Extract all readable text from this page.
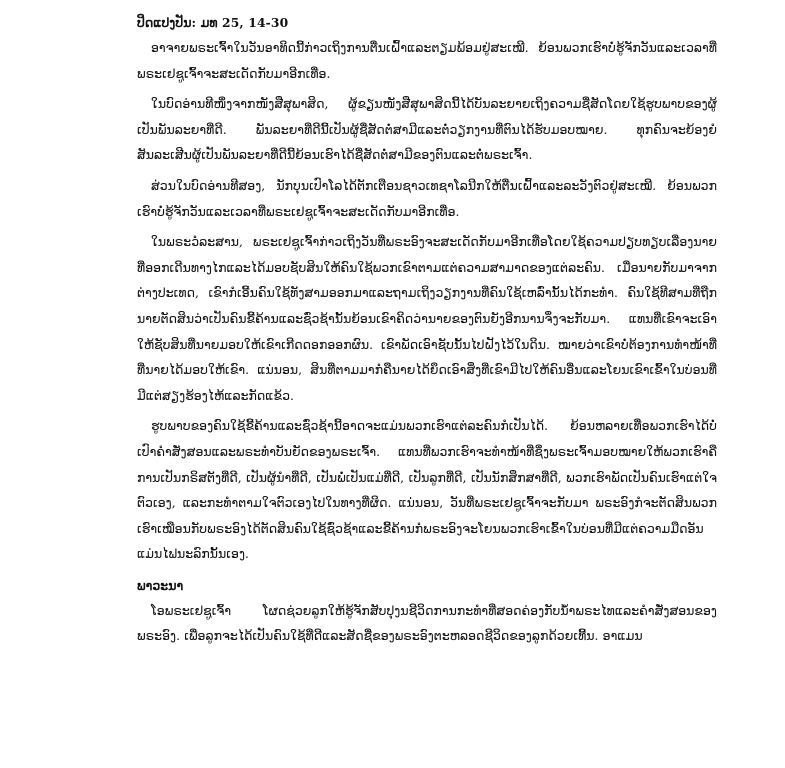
ປິດແປງປັນ: ມທ 25, 14-30

ອາຈາຍພຣະເຈົ້າໃນວັນອາທິດນີ້ກ່າວເຖິງການຕື່ນເຝົ້າແລະຕຽມພ້ອມຢູ່ສະເໝີ. ຍ້ອນພວກເຮົາບໍ່ຮູ້ຈັກວັນແລະເວລາທີ່ພຣະເຢຊູເຈົ້າຈະສະເດັດກັບມາອີກເທື່ອ.

ໃນບົດອ່ານທີໜຶ່ງຈາກໜັງສືສຸພາສິດ, ຜູ້ຂຽນໜັງສືສຸພາສິດນີ້ໄດ້ບັນລະຍາຍເຖິງຄວາມຊື່ສັດໂດຍໃຊ້ຮູບພາບຂອງຜູ້ເປັນພັນລະຍາທີ່ດີ. ພັນລະຍາທີ່ດີນີ້ເປັນຜູ້ຊື່ສັດຕໍ່ສາມີແລະຕໍ່ວຽກງານທີ່ຕົນໄດ້ຮັບມອບໝາຍ. ທຸກຄົນຈະຍ້ອງຍໍສັນລະເສີນຜູ້ເປັນພັນລະຍາທີ່ດີນີ້ຍ້ອນເຮົາໄດ້ຊື່ສັດຕໍ່ສາມີຂອງຕົນແລະຕໍ່ພຣະເຈົ້າ.

ສ່ວນໃນບົດອ່ານທີສອງ, ນັກບຸນເປົາໂລໄດ້ຕັກເຕືອນຊາວເທຊາໂລນີກໃຫ້ຕື່ນເຝົ້າແລະລະວັງຕົວຢູ່ສະເໝີ. ຍ້ອນພວກເຮົາບໍ່ຮູ້ຈັກວັນແລະເວລາທີ່ພຣະເຢຊູເຈົ້າຈະສະເດັດກັບມາອີກເທື່ອ.

ໃນພຣະວໍລະສານ, ພຣະເຢຊູເຈົ້າກ່າວເຖິງວັນທີ່ພຣະອົງຈະສະເດັດກັບມາອີກເທື່ອໂດຍໃຊ້ຄວາມປຽບທຽບເລື່ອງນາຍທີ່ອອກເດີນທາງໄກແລະໄດ້ມອບຊັບສິນໃຫ້ຄົນໃຊ້ພວກເຂົາຕາມແຕ່ຄວາມສາມາດຂອງແຕ່ລະຄົນ. ເມື່ອນາຍກັບມາຈາກຕ່າງປະເທດ, ເຂົາກໍເອີ້ນຄົນໃຊ້ທັງສາມອອກມາແລະຖາມເຖິງວຽກງານທີ່ຄົນໃຊ້ເຫລົ່ານັ້ນໄດ້ກະທໍາ. ຄົນໃຊ້ທີສາມທີ່ຖືກນາຍຕັດສິນວ່າເປັນຄົນຂີ້ຄ້ານແລະຊົ່ວຊ້ານັ້ນຍ້ອນເຂົາຄິດວ່ານາຍຂອງຕົນຍັງອີກນານຈຶ່ງຈະກັບມາ. ແທນທີ່ເຂົາຈະເອົາໃຫ້ຊັບສິນທີ່ນາຍມອບໃຫ້ເຂົາເກີດດອກອອກຜົນ. ເຂົາພັດເອົາຊັບນັ້ນໄປຝັງໄວ້ໃນດິນ. ໝາຍວ່າເຂົາບໍ່ຕ້ອງການທໍາໜ້າທີ່ທີ່ນາຍໄດ້ມອບໃຫ້ເຂົາ. ແນ່ນອນ, ສິນທີ່ຕາມມາກໍຄືນາຍໄດ້ຍຶດເອົາສິ່ງທີ່ເຂົາມີໄປໃຫ້ຄົນອື່ນແລະໂຍນເຂົາເຂົ້າໃນບ່ອນທີ່ມີແຕ່ສຽງຮ້ອງໄຫ້ແລະກັດແຂ້ວ.

ຮູບພາບຂອງຄົນໃຊ້ຂີ້ຄ້ານແລະຊົ່ວຊ້ານີ້ອາດຈະແມ່ນພວກເຮົາແຕ່ລະຄົນກໍເປັນໄດ້. ຍ້ອນຫລາຍເທື່ອພວກເຮົາໄດ້ບໍ່ເປົາຄໍາສັ່ງສອນແລະພຣະທໍາບັນຍັດຂອງພຣະເຈົ້າ. ແທນທີ່ພວກເຮົາຈະທໍາໜ້າທີ່ຊຶ່ງພຣະເຈົ້າມອບໝາຍໃຫ້ພວກເຮົາຄືການເປັນກຣິສຕັງທີ່ດີ, ເປັນຜູ້ນໍາທີ່ດີ, ເປັນພໍ່ເປັນແມ່ທີ່ດີ, ເປັນລູກທີ່ດີ, ເປັນນັກສຶກສາທີ່ດີ, ພວກເຮົາພັດເປັນຄົນເຮົາແຕ່ໃຈຕົວເອງ, ແລະກະທໍາຕາມໃຈຕົວເອງໄປໃນທາງທີ່ຜິດ. ແນ່ນອນ, ວັນທີ່ພຣະເຢຊູເຈົ້າຈະກັບມາ ພຣະອົງກໍຈະຕັດສິນພວກເຮົາເໝືອນກັບພຣະອົງໄດ້ຕັດສິນຄົນໃຊ້ຊົ່ວຊ້າແລະຂີ້ຄ້ານກໍພຣະອົງຈະໂຍນພວກເຮົາເຂົ້າໃນບ່ອນທີ່ມີແຕ່ຄວາມມືດອັນແມ່ນໄຟນະລົກນັ້ນເອງ.

ພາວະນາ

ໂອພຣະເຢຊູເຈົ້າ ໂຜດຊ່ວຍລູກໃຫ້ຮູ້ຈັກສັບປຸງນຊີວິດການກະທໍາທີ່ສອດຄ່ອງກັບນໍ້າພຣະໄທແລະຄໍາສັ່ງສອນຂອງພຣະອົງ. ເພື່ອລູກຈະໄດ້ເປັນຄົນໃຊ້ທີ່ດີແລະສັດຊື່ຂອງພຣະອົງຕະຫລອດຊີວິດຂອງລູກດ້ວຍເທີ້ນ. ອາແມນ
